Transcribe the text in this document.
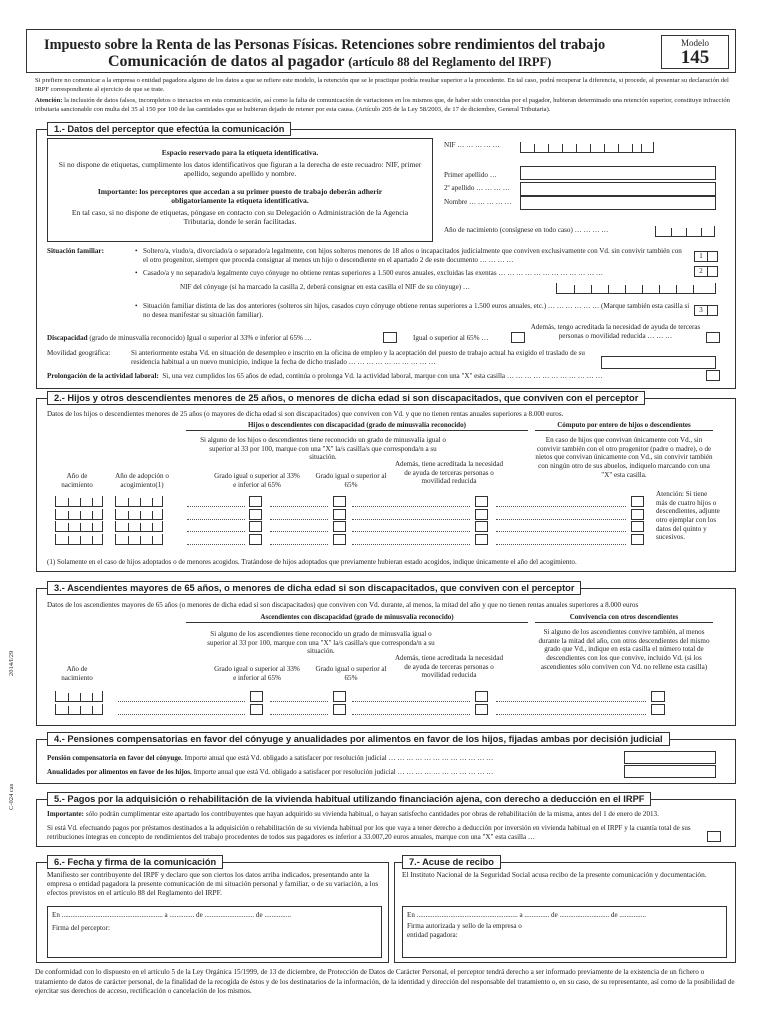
Impuesto sobre la Renta de las Personas Físicas. Retenciones sobre rendimientos del trabajo
Comunicación de datos al pagador (artículo 88 del Reglamento del IRPF)
Modelo
145
Si prefiere no comunicar a la empresa o entidad pagadora alguno de los datos a que se refiere este modelo, la retención que se le practique podría resultar superior a la procedente. En tal caso, podrá recuperar la diferencia, si procede, al presentar su declaración del IRPF correspondiente al ejercicio de que se trate.
Atención: la inclusión de datos falsos, incompletos o inexactos en esta comunicación, así como la falta de comunicación de variaciones en los mismos que, de haber sido conocidas por el pagador, hubieran determinado una retención superior, constituye infracción tributaria sancionable con multa del 35 al 150 por 100 de las cantidades que se hubieran dejado de retener por esta causa. (Artículo 205 de la Ley 58/2003, de 17 de diciembre, General Tributaria).
2014/I/29
C-024 cas
1.- Datos del perceptor que efectúa la comunicación
Espacio reservado para la etiqueta identificativa.
Si no dispone de etiquetas, cumplimente los datos identificativos que figuran a la derecha de este recuadro: NIF, primer apellido, segundo apellido y nombre.
Importante: los perceptores que accedan a su primer puesto de trabajo deberán adherir obligatoriamente la etiqueta identificativa.
En tal caso, si no dispone de etiquetas, póngase en contacto con su Delegación o Administración de la Agencia Tributaria, donde le serán facilitadas.
NIF … … … … …
Primer apellido …
2º apellido … … … …
Nombre … … … … …
Año de nacimiento (consígnese en todo caso) … … … …
Situación familiar:	• Soltero/a, viudo/a, divorciado/a o separado/a legalmente, con hijos solteros menores de 18 años o incapacitados judicialmente que conviven exclusivamente con Vd. sin convivir también con el otro progenitor, siempre que proceda consignar al menos un hijo o descendiente en el apartado 2 de este documento … … … …	1
• Casado/a y no separado/a legalmente cuyo cónyuge no obtiene rentas superiores a 1.500 euros anuales, excluidas las exentas … … … … … … … … … … … …	2
NIF del cónyuge (si ha marcado la casilla 2, deberá consignar en esta casilla el NIF de su cónyuge) …
• Situación familiar distinta de las dos anteriores (solteros sin hijos, casados cuyo cónyuge obtiene rentas superiores a 1.500 euros anuales, etc.) … … … … … … (Marque también esta casilla si no desea manifestar su situación familiar).
3
Discapacidad (grado de minusvalía reconocido) Igual o superior al 33% e inferior al 65% …	Igual o superior al 65% …
Además, tengo acreditada la necesidad de ayuda de terceras personas o movilidad reducida … … …
Movilidad geográfica:	Si anteriormente estaba Vd. en situación de desempleo e inscrito en la oficina de empleo y la aceptación del puesto de trabajo actual ha exigido el traslado de su residencia habitual a un nuevo municipio, indique la fecha de dicho traslado … … … … … … … … … …
Prolongación de la actividad laboral: Si, una vez cumplidos los 65 años de edad, continúa o prolonga Vd. la actividad laboral, marque con una "X" esta casilla … … … … … … … … … … …
2.- Hijos y otros descendientes menores de 25 años, o menores de dicha edad si son discapacitados, que conviven con el perceptor
Datos de los hijos o descendientes menores de 25 años (o mayores de dicha edad si son discapacitados) que conviven con Vd. y que no tienen rentas anuales superiores a 8.000 euros.
Hijos o descendientes con discapacidad (grado de minusvalía reconocido)	Cómputo por entero de hijos o descendientes
Si alguno de los hijos o descendientes tiene reconocido un grado de minusvalía igual o superior al 33 por 100, marque con una "X" la/s casilla/s que corresponda/n a su situación.
En caso de hijos que convivan únicamente con Vd., sin convivir también con el otro progenitor (padre o madre), o de nietos que convivan únicamente con Vd., sin convivir también con ningún otro de sus abuelos, indiquelo marcando con una "X" esta casilla.
Año de nacimiento
Año de adopción o acogimiento(1)
Grado igual o superior al 33% e inferior al 65%
Grado igual o superior al 65%
Además, tiene acreditada la necesidad de ayuda de terceras personas o movilidad reducida
Atención: Si tiene más de cuatro hijos o descendientes, adjunte otro ejemplar con los datos del quinto y sucesivos.
(1) Solamente en el caso de hijos adoptados o de menores acogidos. Tratándose de hijos adoptados que previamente hubieran estado acogidos, indique únicamente el año del acogimiento.
3.- Ascendientes mayores de 65 años, o menores de dicha edad si son discapacitados, que conviven con el perceptor
Datos de los ascendientes mayores de 65 años (o menores de dicha edad si son discapacitados) que conviven con Vd. durante, al menos, la mitad del año y que no tienen rentas anuales superiores a 8.000 euros
Ascendientes con discapacidad (grado de minusvalía reconocido)	Convivencia con otros descendientes
Si alguno de los ascendientes tiene reconocido un grado de minusvalía igual o superior al 33 por 100, marque con una "X" la/s casilla/s que corresponda/n a su situación.
Si alguno de los ascendientes convive también, al menos durante la mitad del año, con otros descendientes del mismo grado que Vd., indique en esta casilla el número total de descendientes con los que convive, incluido Vd. (si los ascendientes sólo conviven con Vd. no rellene esta casilla)
Año de nacimiento
Grado igual o superior al 33% e inferior al 65%
Grado igual o superior al 65%
Además, tiene acreditada la necesidad de ayuda de terceras personas o movilidad reducida
4.- Pensiones compensatorias en favor del cónyuge y anualidades por alimentos en favor de los hijos, fijadas ambas por decisión judicial
Pensión compensatoria en favor del cónyuge. Importe anual que está Vd. obligado a satisfacer por resolución judicial … … … … … … … … … … … …
Anualidades por alimentos en favor de los hijos. Importe anual que está Vd. obligado a satisfacer por resolución judicial … … … … … … … … … … …
5.- Pagos por la adquisición o rehabilitación de la vivienda habitual utilizando financiación ajena, con derecho a deducción en el IRPF
Importante: sólo podrán cumplimentar este apartado los contribuyentes que hayan adquirido su vivienda habitual, o hayan satisfecho cantidades por obras de rehabilitación de la misma, antes del 1 de enero de 2013.
Si está Vd. efectuando pagos por préstamos destinados a la adquisición o rehabilitación de su vivienda habitual por los que vaya a tener derecho a deducción por inversión en vivienda habitual en el IRPF y la cuantía total de sus retribuciones íntegras en concepto de rendimientos del trabajo procedentes de todos sus pagadores es inferior a 33.007,20 euros anuales, marque con una "X" esta casilla …
6.- Fecha y firma de la comunicación
Manifiesto ser contribuyente del IRPF y declaro que son ciertos los datos arriba indicados, presentando ante la empresa o entidad pagadora la presente comunicación de mi situación personal y familiar, o de su variación, a los efectos previstos en el artículo 88 del Reglamento del IRPF.
En ......................................................... a .............. de ............................ de ...............
Firma del perceptor:
7.- Acuse de recibo
El Instituto Nacional de la Seguridad Social acusa recibo de la presente comunicación y documentación.
En ......................................................... a .............. de ............................ de ...............
Firma autorizada y sello de la empresa o entidad pagadora:
De conformidad con lo dispuesto en el artículo 5 de la Ley Orgánica 15/1999, de 13 de diciembre, de Protección de Datos de Carácter Personal, el perceptor tendrá derecho a ser informado previamente de la existencia de un fichero o tratamiento de datos de carácter personal, de la finalidad de la recogida de éstos y de los destinatarios de la información, de la identidad y dirección del responsable del tratamiento o, en su caso, de su representante, así como de la posibilidad de ejercitar sus derechos de acceso, rectificación o cancelación de los mismos.
